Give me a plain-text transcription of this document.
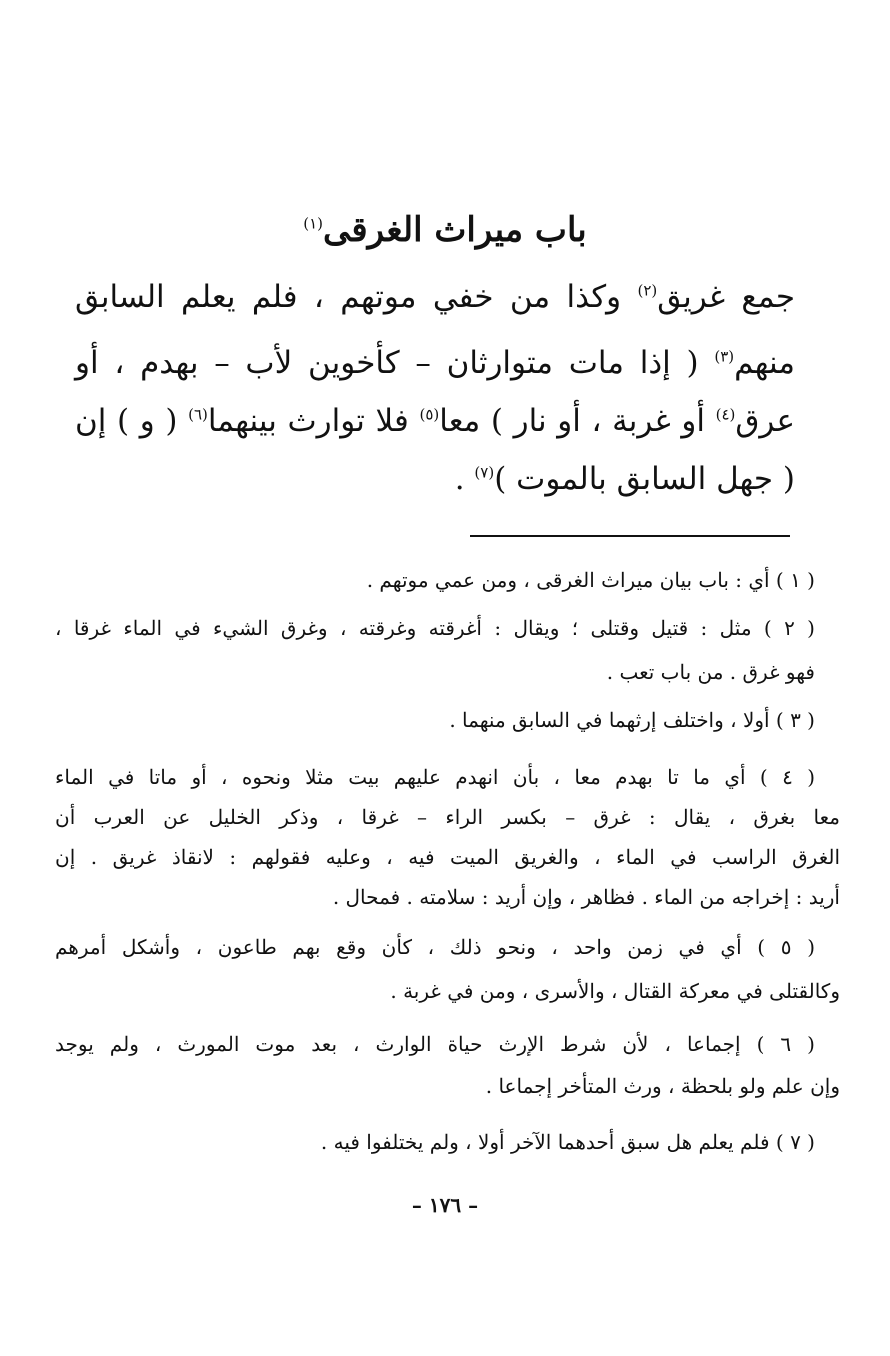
باب ميراث الغرقى$^{(١)}$
جمع غريق$^{(٢)}$ وكذا من خفي موتهم ، فلم يعلم السابق
منهم$^{(٣)}$ ( إذا مات متوارثان – كأخوين لأب – بهدم ، أو
عرق$^{(٤)}$ أو غربة ، أو نار ) معا$^{(٥)}$ فلا توارث بينهما$^{(٦)}$ ( و ) إن
( جهل السابق بالموت )$^{(٧)}$ .
( ١ ) أي : باب بيان ميراث الغرقى ، ومن عمي موتهم .
( ٢ ) مثل : قتيل وقتلى ؛ ويقال : أغرقته وغرقته ، وغرق الشيء في الماء غرقا ،
فهو غرق . من باب تعب .
( ٣ ) أولا ، واختلف إرثهما في السابق منهما .
( ٤ ) أي ما تا بهدم معا ، بأن انهدم عليهم بيت مثلا ونحوه ، أو ماتا في الماء
معا بغرق ، يقال : غرق – بكسر الراء – غرقا ، وذكر الخليل عن العرب أن
الغرق الراسب في الماء ، والغريق الميت فيه ، وعليه فقولهم : لانقاذ غريق . إن
أريد : إخراجه من الماء . فظاهر ، وإن أريد : سلامته . فمحال .
( ٥ ) أي في زمن واحد ، ونحو ذلك ، كأن وقع بهم طاعون ، وأشكل أمرهم
وكالقتلى في معركة القتال ، والأسرى ، ومن في غربة .
( ٦ ) إجماعا ، لأن شرط الإرث حياة الوارث ، بعد موت المورث ، ولم يوجد
وإن علم ولو بلحظة ، ورث المتأخر إجماعا .
( ٧ ) فلم يعلم هل سبق أحدهما الآخر أولا ، ولم يختلفوا فيه .
– ١٧٦ –
